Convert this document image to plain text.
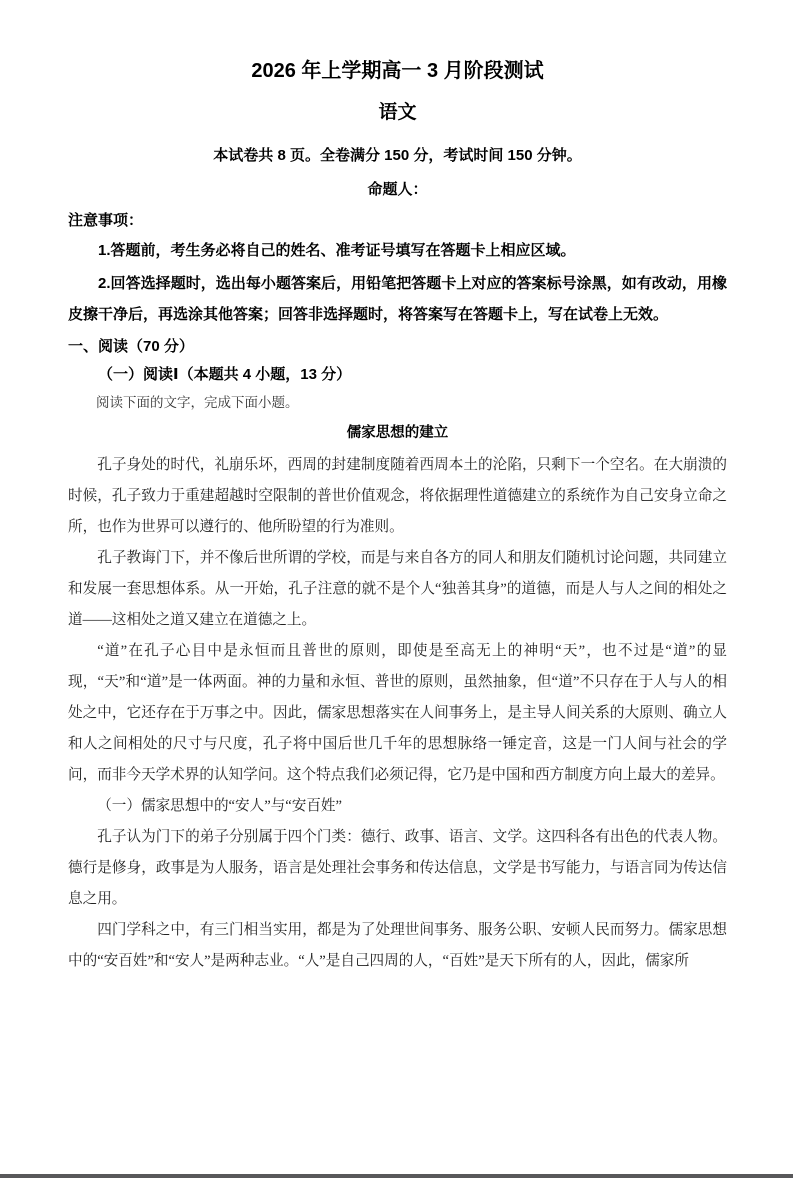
2026 年上学期高一 3 月阶段测试
语文
本试卷共 8 页。全卷满分 150 分，考试时间 150 分钟。
命题人：
注意事项：
1.答题前，考生务必将自己的姓名、准考证号填写在答题卡上相应区域。
2.回答选择题时，选出每小题答案后，用铅笔把答题卡上对应的答案标号涂黑，如有改动，用橡皮擦干净后，再选涂其他答案；回答非选择题时，将答案写在答题卡上，写在试卷上无效。
一、阅读（70 分）
（一）阅读Ⅰ（本题共 4 小题，13 分）
阅读下面的文字，完成下面小题。
儒家思想的建立

孔子身处的时代，礼崩乐坏，西周的封建制度随着西周本土的沦陷，只剩下一个空名。在大崩溃的时候，孔子致力于重建超越时空限制的普世价值观念，将依据理性道德建立的系统作为自己安身立命之所，也作为世界可以遵行的、他所盼望的行为准则。

孔子教诲门下，并不像后世所谓的学校，而是与来自各方的同人和朋友们随机讨论问题，共同建立和发展一套思想体系。从一开始，孔子注意的就不是个人“独善其身”的道德，而是人与人之间的相处之道——这相处之道又建立在道德之上。

“道”在孔子心目中是永恒而且普世的原则，即使是至高无上的神明“天”，也不过是“道”的显现，“天”和“道”是一体两面。神的力量和永恒、普世的原则，虽然抽象，但“道”不只存在于人与人的相处之中，它还存在于万事之中。因此，儒家思想落实在人间事务上，是主导人间关系的大原则、确立人和人之间相处的尺寸与尺度，孔子将中国后世几千年的思想脉络一锤定音，这是一门人间与社会的学问，而非今天学术界的认知学问。这个特点我们必须记得，它乃是中国和西方制度方向上最大的差异。

（一）儒家思想中的“安人”与“安百姓”

孔子认为门下的弟子分别属于四个门类：德行、政事、语言、文学。这四科各有出色的代表人物。德行是修身，政事是为人服务，语言是处理社会事务和传达信息，文学是书写能力，与语言同为传达信息之用。

四门学科之中，有三门相当实用，都是为了处理世间事务、服务公职、安顿人民而努力。儒家思想中的“安百姓”和“安人”是两种志业。“人”是自己四周的人，“百姓”是天下所有的人，因此，儒家所
